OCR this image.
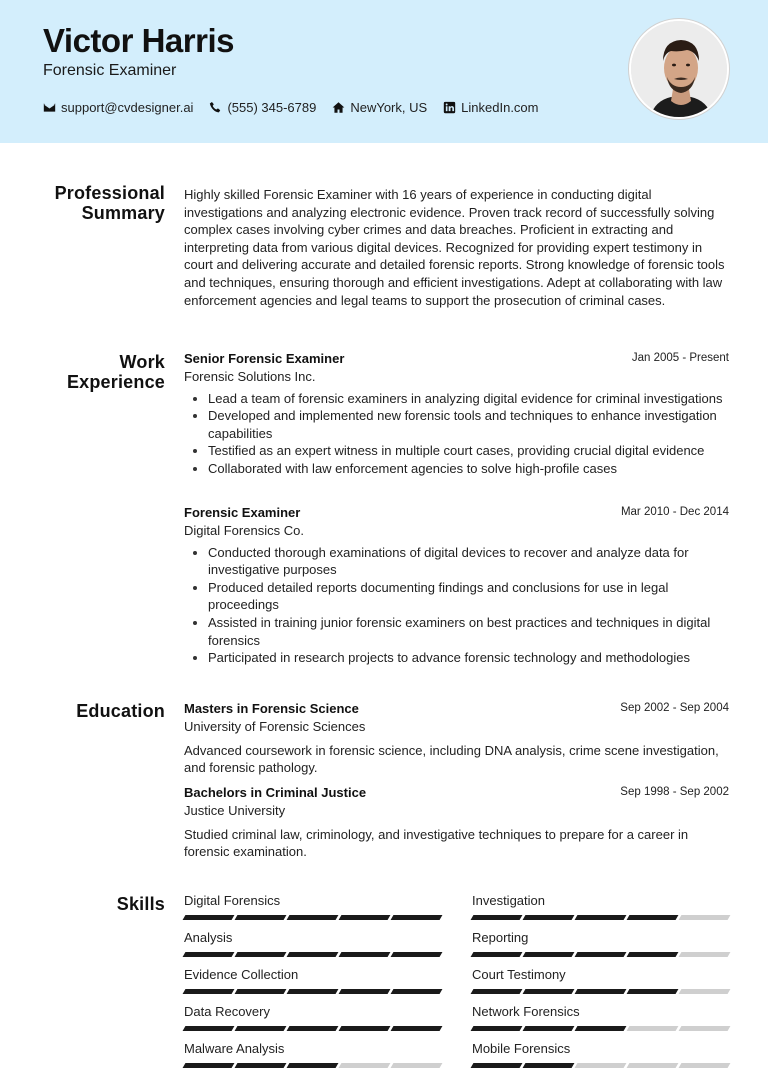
Victor Harris
Forensic Examiner
support@cvdesigner.ai	(555) 345-6789	NewYork, US	LinkedIn.com
Professional
Summary
Highly skilled Forensic Examiner with 16 years of experience in conducting digital investigations and analyzing electronic evidence. Proven track record of successfully solving complex cases involving cyber crimes and data breaches. Proficient in extracting and interpreting data from various digital devices. Recognized for providing expert testimony in court and delivering accurate and detailed forensic reports. Strong knowledge of forensic tools and techniques, ensuring thorough and efficient investigations. Adept at collaborating with law enforcement agencies and legal teams to support the prosecution of criminal cases.
Work
Experience
Senior Forensic Examiner	Jan 2005 - Present
Forensic Solutions Inc.
Lead a team of forensic examiners in analyzing digital evidence for criminal investigations
Developed and implemented new forensic tools and techniques to enhance investigation capabilities
Testified as an expert witness in multiple court cases, providing crucial digital evidence
Collaborated with law enforcement agencies to solve high-profile cases
Forensic Examiner	Mar 2010 - Dec 2014
Digital Forensics Co.
Conducted thorough examinations of digital devices to recover and analyze data for investigative purposes
Produced detailed reports documenting findings and conclusions for use in legal proceedings
Assisted in training junior forensic examiners on best practices and techniques in digital forensics
Participated in research projects to advance forensic technology and methodologies
Education Masters in Forensic Science	Sep 2002 - Sep 2004
University of Forensic Sciences
Advanced coursework in forensic science, including DNA analysis, crime scene investigation, and forensic pathology.
Bachelors in Criminal Justice	Sep 1998 - Sep 2002
Justice University
Studied criminal law, criminology, and investigative techniques to prepare for a career in forensic examination.
Skills Digital Forensics	Investigation
Analysis	Reporting
Evidence Collection	Court Testimony
Data Recovery	Network Forensics
Malware Analysis	Mobile Forensics
